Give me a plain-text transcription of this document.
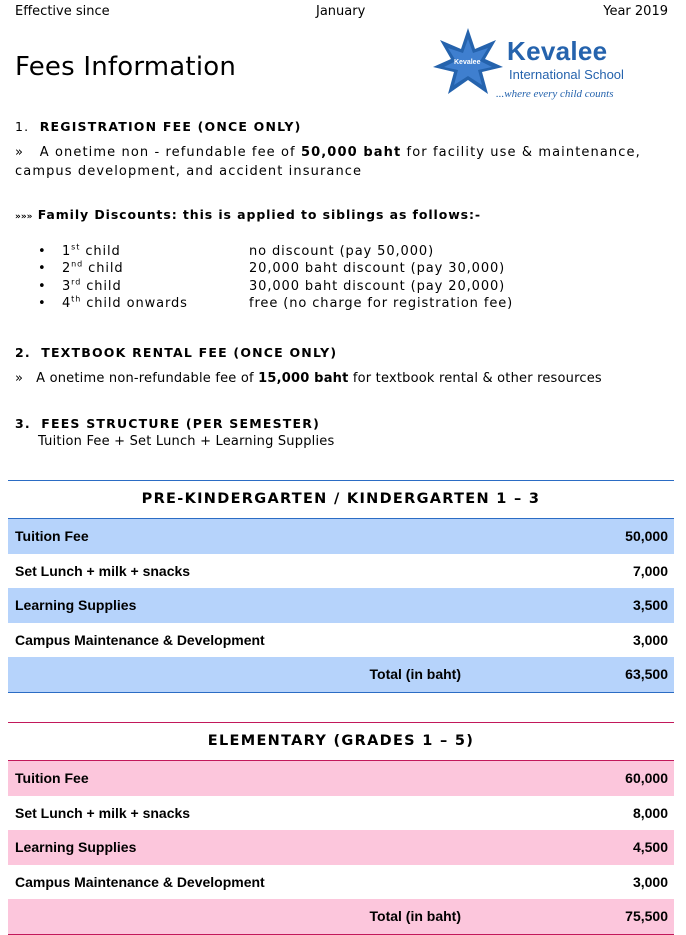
Effective since	January	Year 2019
Fees Information	Kevalee Kevalee
International School
...where every child counts
1. REGISTRATION FEE (ONCE ONLY)
» A onetime non - refundable fee of 50,000 baht for facility use & maintenance, campus development, and accident insurance
»»» Family Discounts: this is applied to siblings as follows:-
• 1st child	no discount (pay 50,000)
• 2nd child	20,000 baht discount (pay 30,000)
• 3rd child	30,000 baht discount (pay 20,000)
• 4th child onwards	free (no charge for registration fee)
2. TEXTBOOK RENTAL FEE (ONCE ONLY)
» A onetime non-refundable fee of 15,000 baht for textbook rental & other resources
3. FEES STRUCTURE (PER SEMESTER)
Tuition Fee + Set Lunch + Learning Supplies
PRE-KINDERGARTEN / KINDERGARTEN 1 – 3
Tuition Fee	50,000
Set Lunch + milk + snacks	7,000
Learning Supplies	3,500
Campus Maintenance & Development	3,000
Total (in baht)	63,500
ELEMENTARY (GRADES 1 – 5)
Tuition Fee	60,000
Set Lunch + milk + snacks	8,000
Learning Supplies	4,500
Campus Maintenance & Development	3,000
Total (in baht)	75,500
